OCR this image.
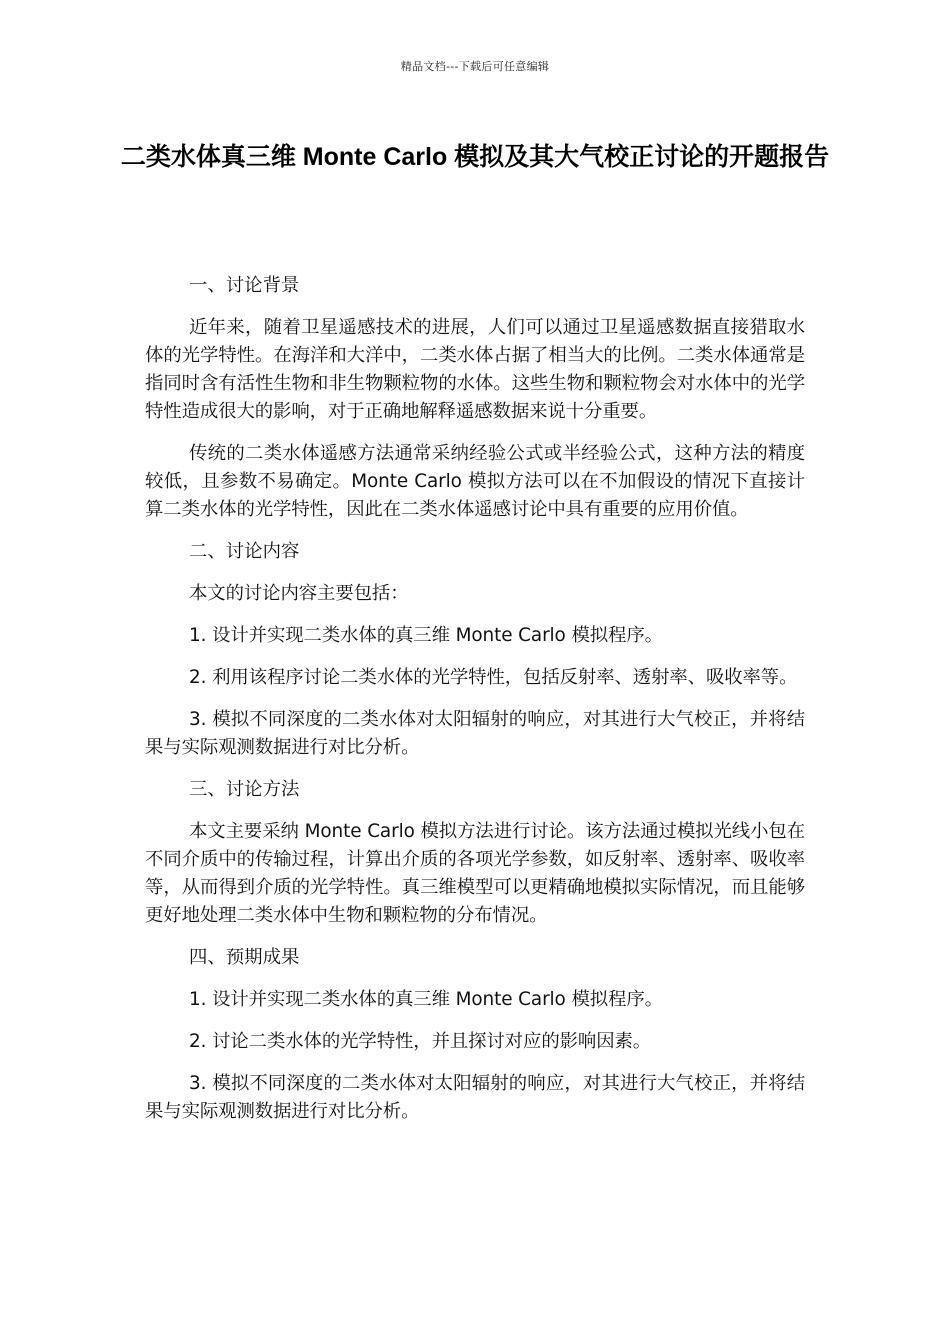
精品文档---下载后可任意编辑
二类水体真三维 Monte Carlo 模拟及其大气校正讨论的开题报告
一、讨论背景

近年来，随着卫星遥感技术的进展，人们可以通过卫星遥感数据直接猎取水体的光学特性。在海洋和大洋中，二类水体占据了相当大的比例。二类水体通常是指同时含有活性生物和非生物颗粒物的水体。这些生物和颗粒物会对水体中的光学特性造成很大的影响，对于正确地解释遥感数据来说十分重要。

传统的二类水体遥感方法通常采纳经验公式或半经验公式，这种方法的精度较低，且参数不易确定。Monte Carlo 模拟方法可以在不加假设的情况下直接计算二类水体的光学特性，因此在二类水体遥感讨论中具有重要的应用价值。

二、讨论内容

本文的讨论内容主要包括：

1. 设计并实现二类水体的真三维 Monte Carlo 模拟程序。

2. 利用该程序讨论二类水体的光学特性，包括反射率、透射率、吸收率等。

3. 模拟不同深度的二类水体对太阳辐射的响应，对其进行大气校正，并将结果与实际观测数据进行对比分析。

三、讨论方法

本文主要采纳 Monte Carlo 模拟方法进行讨论。该方法通过模拟光线小包在不同介质中的传输过程，计算出介质的各项光学参数，如反射率、透射率、吸收率等，从而得到介质的光学特性。真三维模型可以更精确地模拟实际情况，而且能够更好地处理二类水体中生物和颗粒物的分布情况。

四、预期成果

1. 设计并实现二类水体的真三维 Monte Carlo 模拟程序。

2. 讨论二类水体的光学特性，并且探讨对应的影响因素。

3. 模拟不同深度的二类水体对太阳辐射的响应，对其进行大气校正，并将结果与实际观测数据进行对比分析。
